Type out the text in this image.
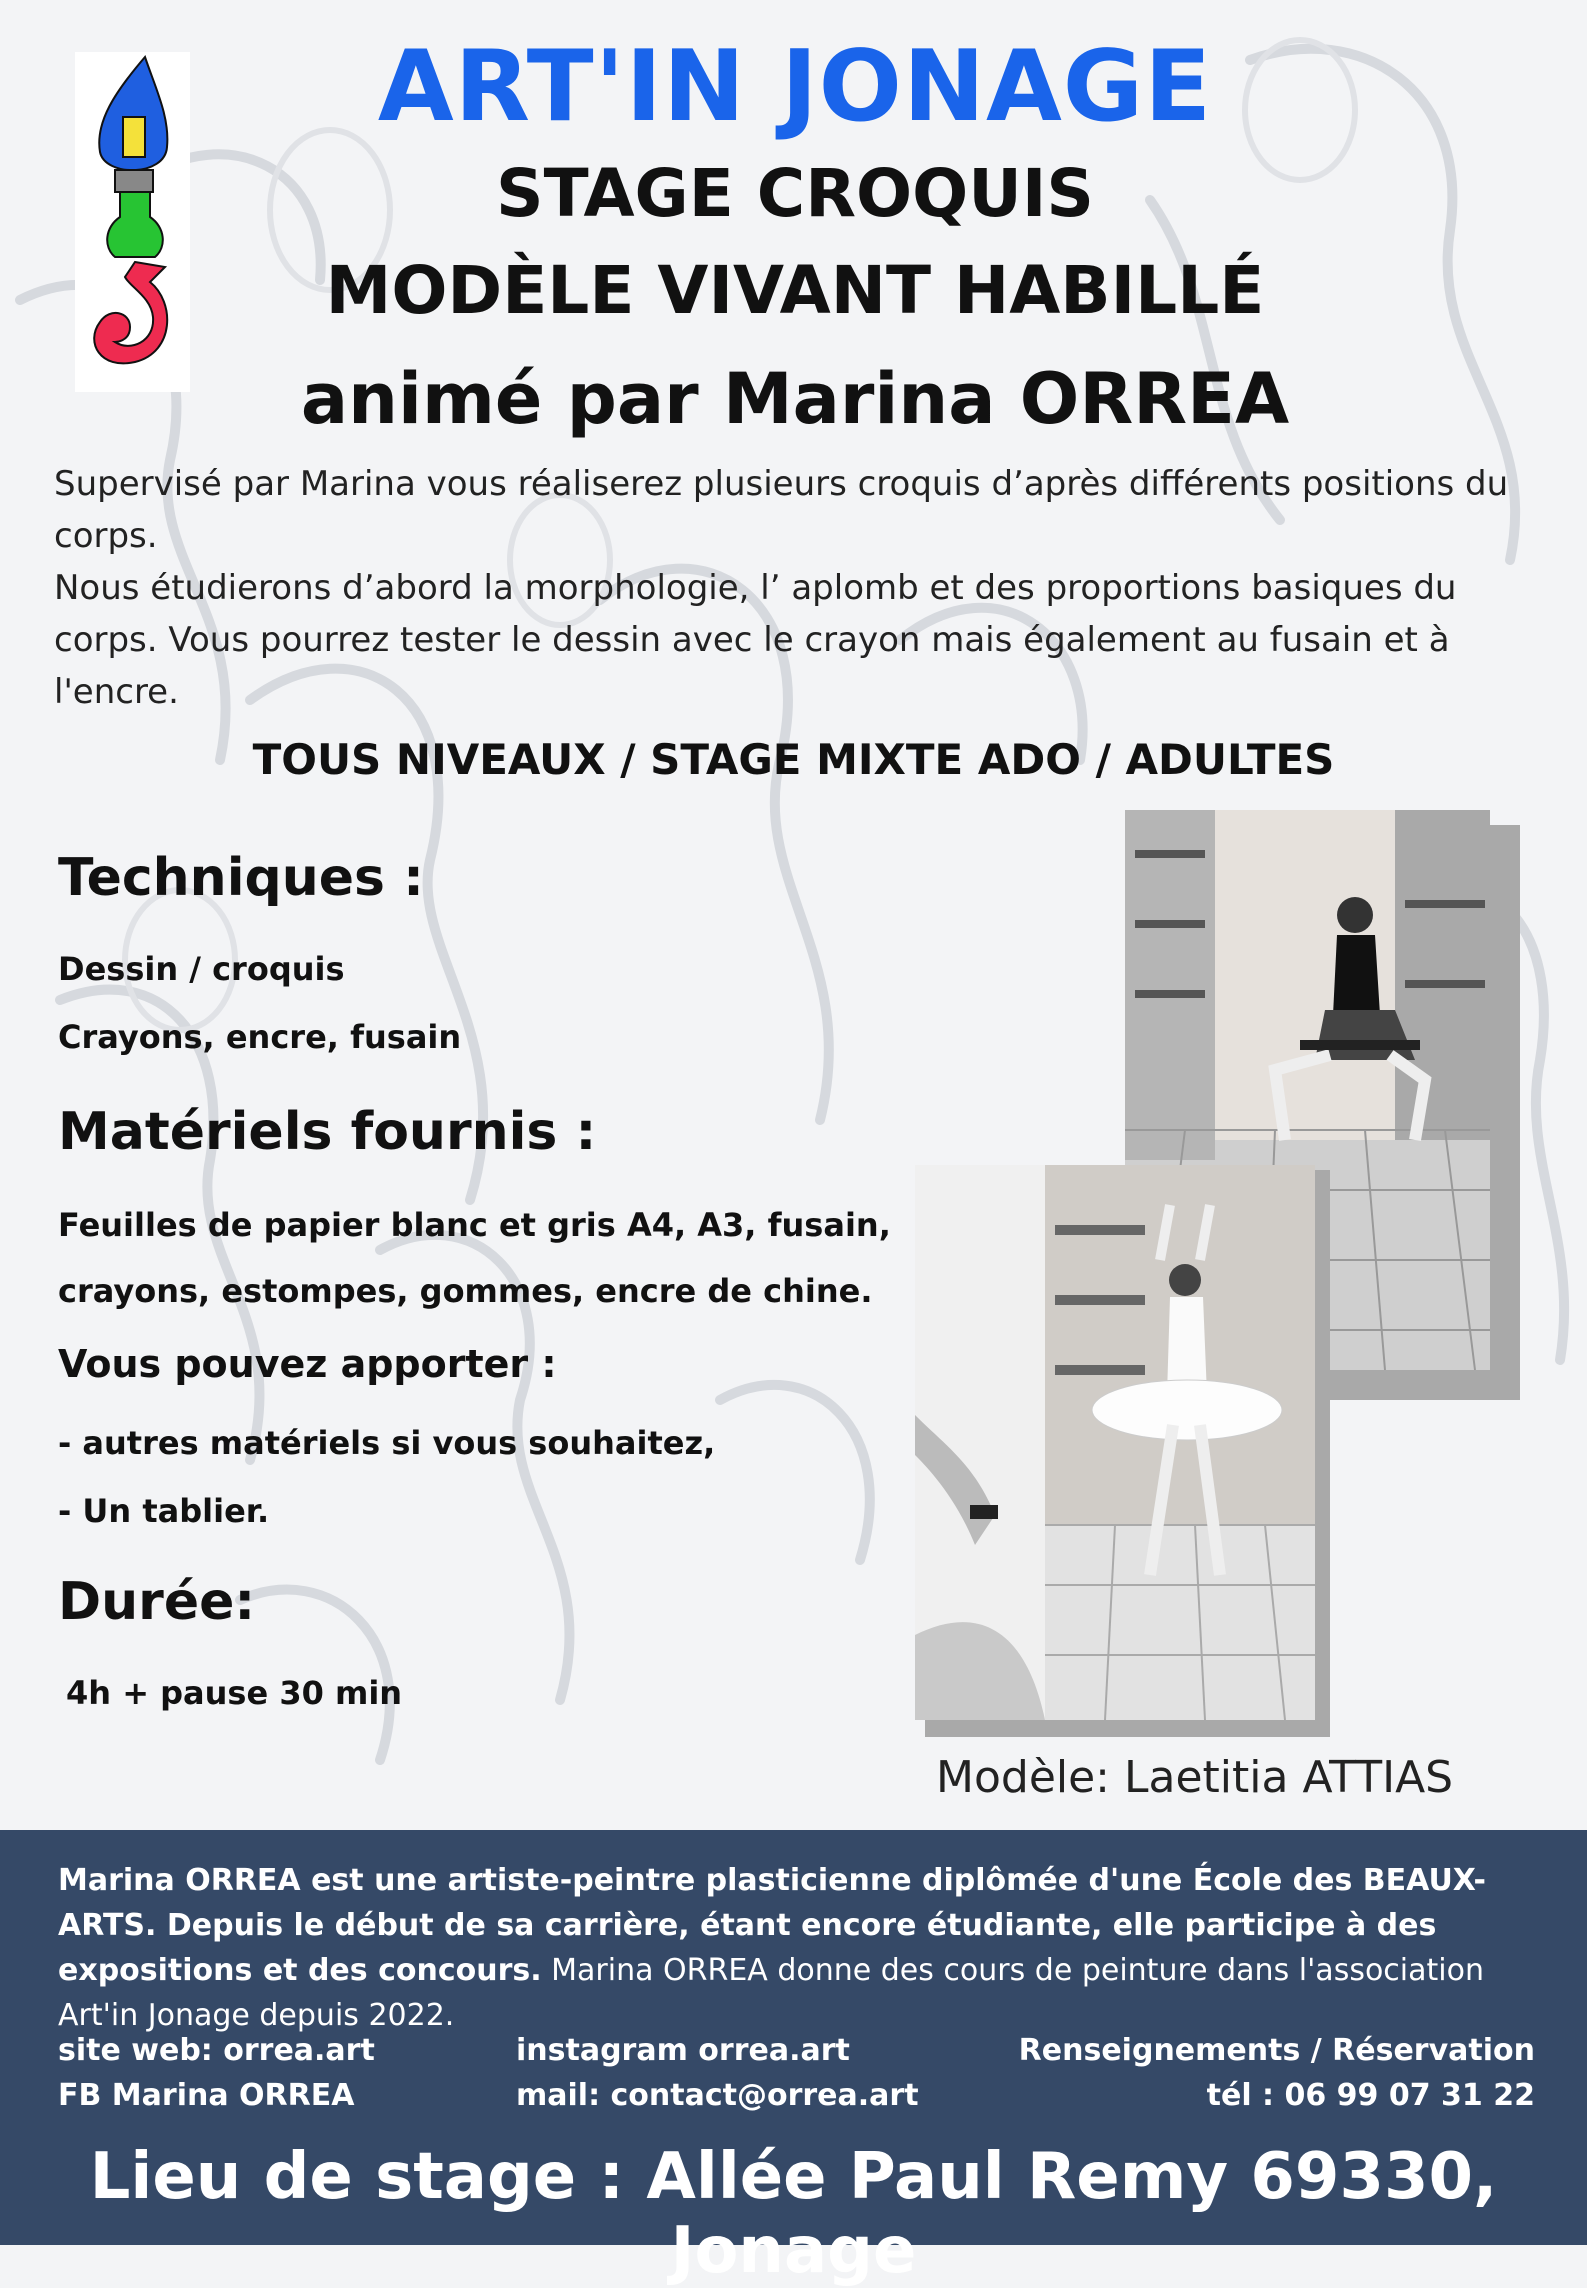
ART'IN JONAGE
STAGE CROQUIS
MODÈLE VIVANT HABILLÉ
animé par Marina ORREA

Supervisé par Marina vous réaliserez plusieurs croquis d’après différents positions du corps.

Nous étudierons d’abord la morphologie, l’ aplomb et des proportions basiques du corps. Vous pourrez tester le dessin avec le crayon mais également au fusain et à l'encre.

TOUS NIVEAUX / STAGE MIXTE ADO / ADULTES
Techniques :
Dessin / croquis
Crayons, encre, fusain
Matériels fournis :
Feuilles de papier blanc et gris A4, A3, fusain,
crayons, estompes, gommes, encre de chine.
Vous pouvez apporter :
- autres matériels si vous souhaitez,
- Un tablier.
Durée:
4h + pause 30 min
Modèle: Laetitia ATTIAS
Marina ORREA est une artiste-peintre plasticienne diplômée d'une École des BEAUX-ARTS. Depuis le début de sa carrière, étant encore étudiante, elle participe à des expositions et des concours. Marina ORREA donne des cours de peinture dans l'association Art'in Jonage depuis 2022.
site web: orrea.art
FB Marina ORREA
instagram orrea.art
mail: contact@orrea.art
Renseignements / Réservation
tél : 06 99 07 31 22
Lieu de stage : Allée Paul Remy 69330, Jonage
